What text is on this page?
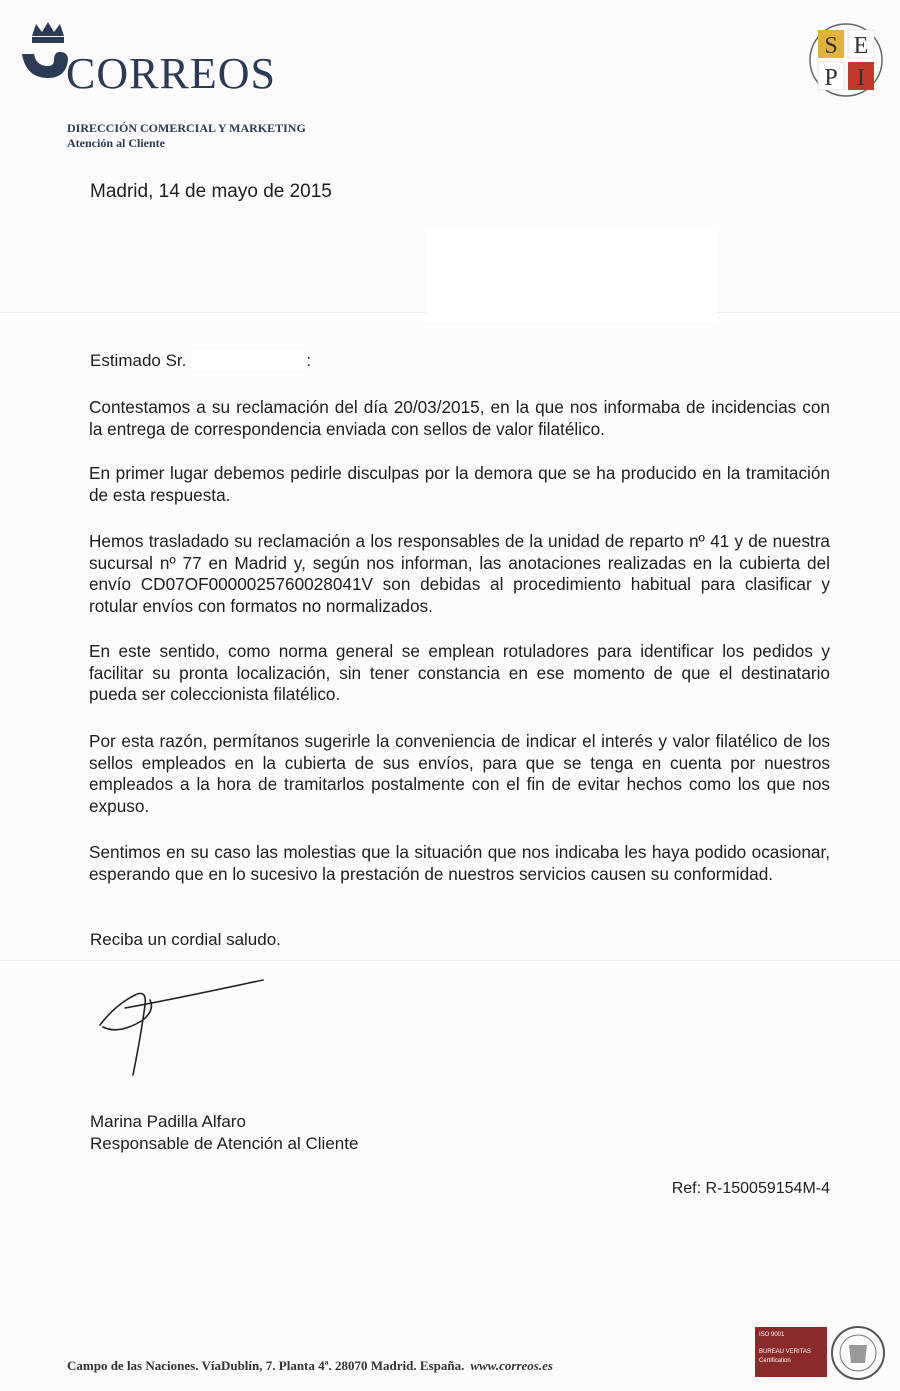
CORREOS
DIRECCIÓN COMERCIAL Y MARKETING
Atención al Cliente
S E
P I
Madrid, 14 de mayo de 2015
Estimado Sr.	:

Contestamos a su reclamación del día 20/03/2015, en la que nos informaba de incidencias con la entrega de correspondencia enviada con sellos de valor filatélico.

En primer lugar debemos pedirle disculpas por la demora que se ha producido en la tramitación de esta respuesta.

Hemos trasladado su reclamación a los responsables de la unidad de reparto nº 41 y de nuestra sucursal nº 77 en Madrid y, según nos informan, las anotaciones realizadas en la cubierta del envío CD07OF0000025760028041V son debidas al procedimiento habitual para clasificar y rotular envíos con formatos no normalizados.

En este sentido, como norma general se emplean rotuladores para identificar los pedidos y facilitar su pronta localización, sin tener constancia en ese momento de que el destinatario pueda ser coleccionista filatélico.

Por esta razón, permítanos sugerirle la conveniencia de indicar el interés y valor filatélico de los sellos empleados en la cubierta de sus envíos, para que se tenga en cuenta por nuestros empleados a la hora de tramitarlos postalmente con el fin de evitar hechos como los que nos expuso.

Sentimos en su caso las molestias que la situación que nos indicaba les haya podido ocasionar, esperando que en lo sucesivo la prestación de nuestros servicios causen su conformidad.

Reciba un cordial saludo.
Marina Padilla Alfaro
Responsable de Atención al Cliente
Ref: R-150059154M-4
Campo de las Naciones. VíaDublín, 7. Planta 4ª. 28070 Madrid. España. www.correos.es
ISO 9001
BUREAU VERITAS
Certification
